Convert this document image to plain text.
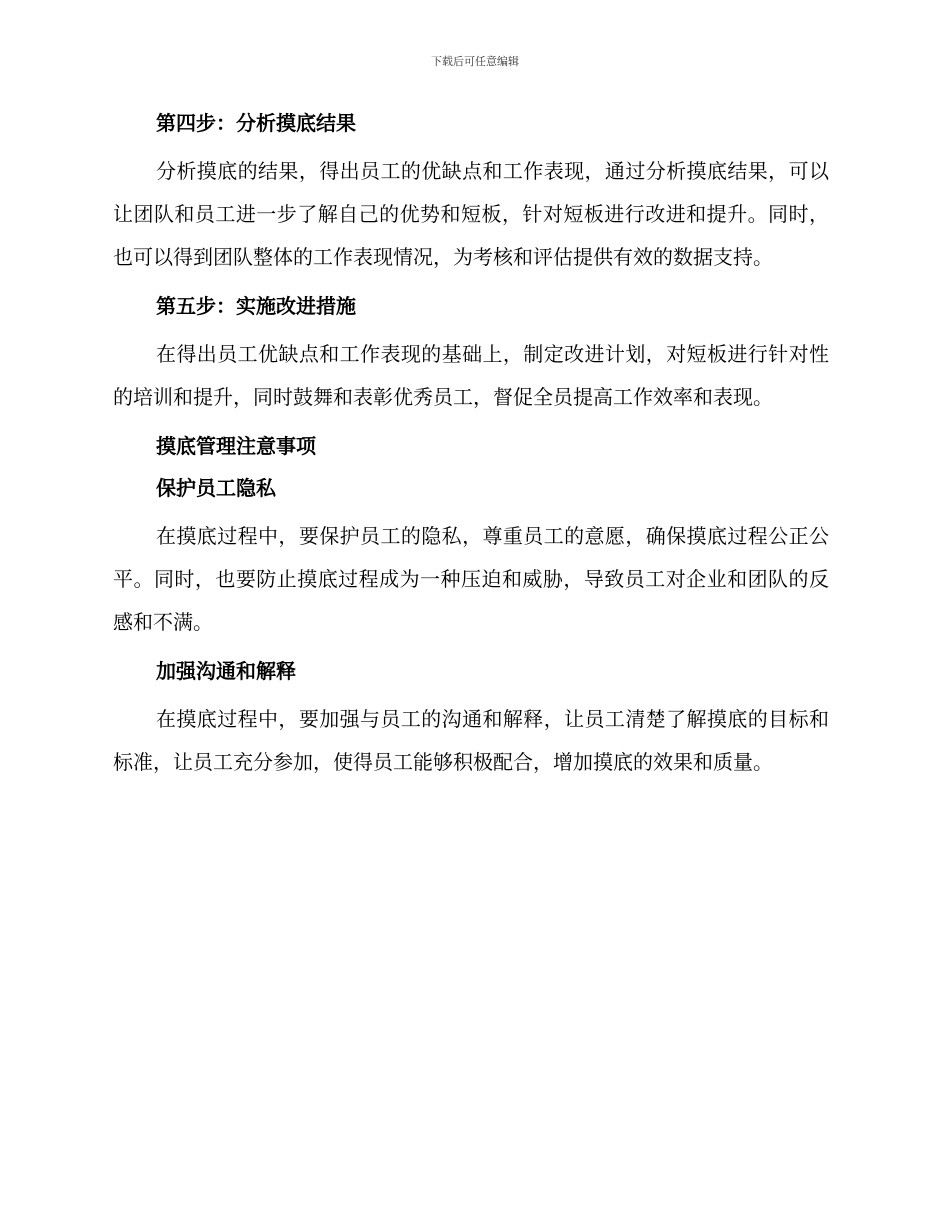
下载后可任意编辑
第四步：分析摸底结果
分析摸底的结果，得出员工的优缺点和工作表现，通过分析摸底结果，可以让团队和员工进一步了解自己的优势和短板，针对短板进行改进和提升。同时，也可以得到团队整体的工作表现情况，为考核和评估提供有效的数据支持。
第五步：实施改进措施
在得出员工优缺点和工作表现的基础上，制定改进计划，对短板进行针对性的培训和提升，同时鼓舞和表彰优秀员工，督促全员提高工作效率和表现。
摸底管理注意事项
保护员工隐私
在摸底过程中，要保护员工的隐私，尊重员工的意愿，确保摸底过程公正公平。同时，也要防止摸底过程成为一种压迫和威胁，导致员工对企业和团队的反感和不满。
加强沟通和解释
在摸底过程中，要加强与员工的沟通和解释，让员工清楚了解摸底的目标和标准，让员工充分参加，使得员工能够积极配合，增加摸底的效果和质量。
